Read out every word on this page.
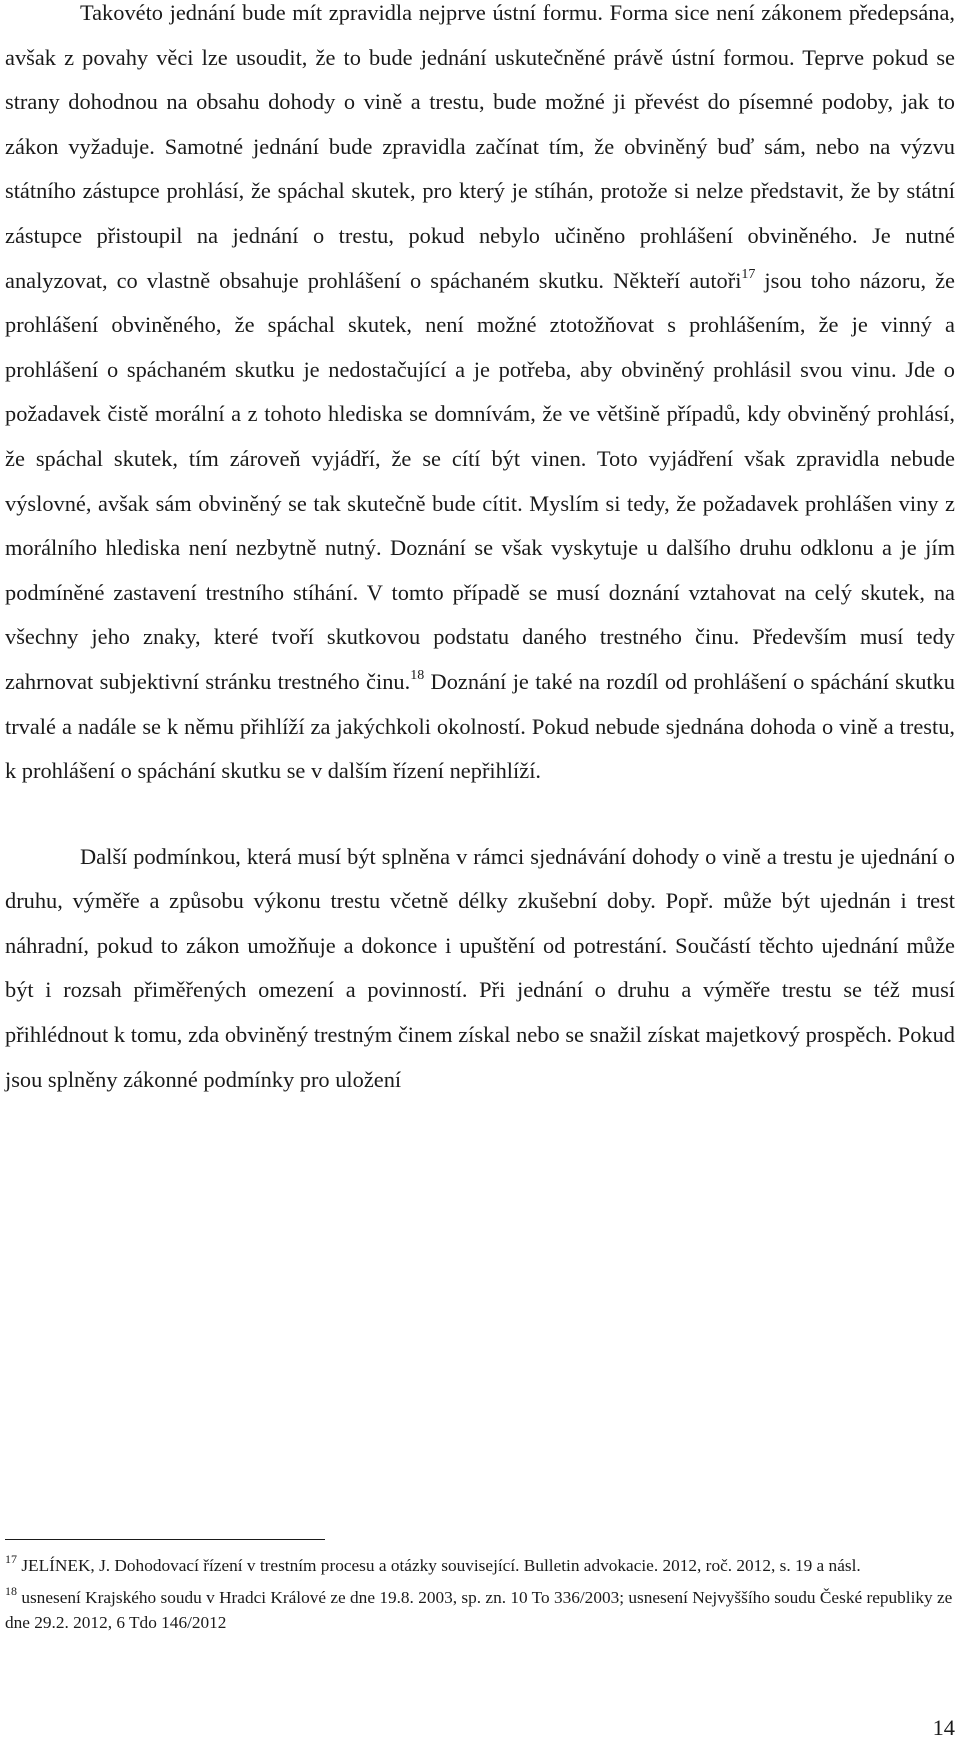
Takovéto jednání bude mít zpravidla nejprve ústní formu. Forma sice není zákonem předepsána, avšak z povahy věci lze usoudit, že to bude jednání uskutečněné právě ústní formou. Teprve pokud se strany dohodnou na obsahu dohody o vině a trestu, bude možné ji převést do písemné podoby, jak to zákon vyžaduje. Samotné jednání bude zpravidla začínat tím, že obviněný buď sám, nebo na výzvu státního zástupce prohlásí, že spáchal skutek, pro který je stíhán, protože si nelze představit, že by státní zástupce přistoupil na jednání o trestu, pokud nebylo učiněno prohlášení obviněného. Je nutné analyzovat, co vlastně obsahuje prohlášení o spáchaném skutku. Někteří autoři$^{17}$ jsou toho názoru, že prohlášení obviněného, že spáchal skutek, není možné ztotožňovat s prohlášením, že je vinný a prohlášení o spáchaném skutku je nedostačující a je potřeba, aby obviněný prohlásil svou vinu. Jde o požadavek čistě morální a z tohoto hlediska se domnívám, že ve většině případů, kdy obviněný prohlásí, že spáchal skutek, tím zároveň vyjádří, že se cítí být vinen. Toto vyjádření však zpravidla nebude výslovné, avšak sám obviněný se tak skutečně bude cítit. Myslím si tedy, že požadavek prohlášen viny z morálního hlediska není nezbytně nutný. Doznání se však vyskytuje u dalšího druhu odklonu a je jím podmíněné zastavení trestního stíhání. V tomto případě se musí doznání vztahovat na celý skutek, na všechny jeho znaky, které tvoří skutkovou podstatu daného trestného činu. Především musí tedy zahrnovat subjektivní stránku trestného činu.$^{18}$ Doznání je také na rozdíl od prohlášení o spáchání skutku trvalé a nadále se k němu přihlíží za jakýchkoli okolností. Pokud nebude sjednána dohoda o vině a trestu, k prohlášení o spáchání skutku se v dalším řízení nepřihlíží.

Další podmínkou, která musí být splněna v rámci sjednávání dohody o vině a trestu je ujednání o druhu, výměře a způsobu výkonu trestu včetně délky zkušební doby. Popř. může být ujednán i trest náhradní, pokud to zákon umožňuje a dokonce i upuštění od potrestání. Součástí těchto ujednání může být i rozsah přiměřených omezení a povinností. Při jednání o druhu a výměře trestu se též musí přihlédnout k tomu, zda obviněný trestným činem získal nebo se snažil získat majetkový prospěch. Pokud jsou splněny zákonné podmínky pro uložení

$^{17}$ JELÍNEK, J. Dohodovací řízení v trestním procesu a otázky související. Bulletin advokacie. 2012, roč. 2012, s. 19 a násl.

$^{18}$ usnesení Krajského soudu v Hradci Králové ze dne 19.8. 2003, sp. zn. 10 To 336/2003; usnesení Nejvyššího soudu České republiky ze dne 29.2. 2012, 6 Tdo 146/2012

14
